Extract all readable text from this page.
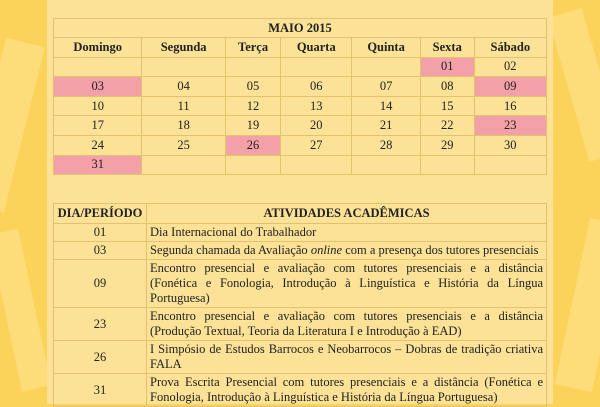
MAIO 2015						
Domingo	Segunda	Terça	Quarta	Quinta	Sexta	Sábado
					01	02
03	04	05	06	07	08	09
10	11	12	13	14	15	16
17	18	19	20	21	22	23
24	25	26	27	28	29	30
31						
DIA/PERÍODO	ATIVIDADES ACADÊMICAS
01	Dia Internacional do Trabalhador
03	Segunda chamada da Avaliação online com a presença dos tutores presenciais
09	Encontro presencial e avaliação com tutores presenciais e a distância (Fonética e Fonologia, Introdução à Linguística e História da Língua Portuguesa)
23	Encontro presencial e avaliação com tutores presenciais e a distância (Produção Textual, Teoria da Literatura I e Introdução à EAD)
26	I Simpósio de Estudos Barrocos e Neobarrocos – Dobras de tradição criativa FALA
31	Prova Escrita Presencial com tutores presenciais e a distância (Fonética e Fonologia, Introdução à Linguística e História da Língua Portuguesa)
